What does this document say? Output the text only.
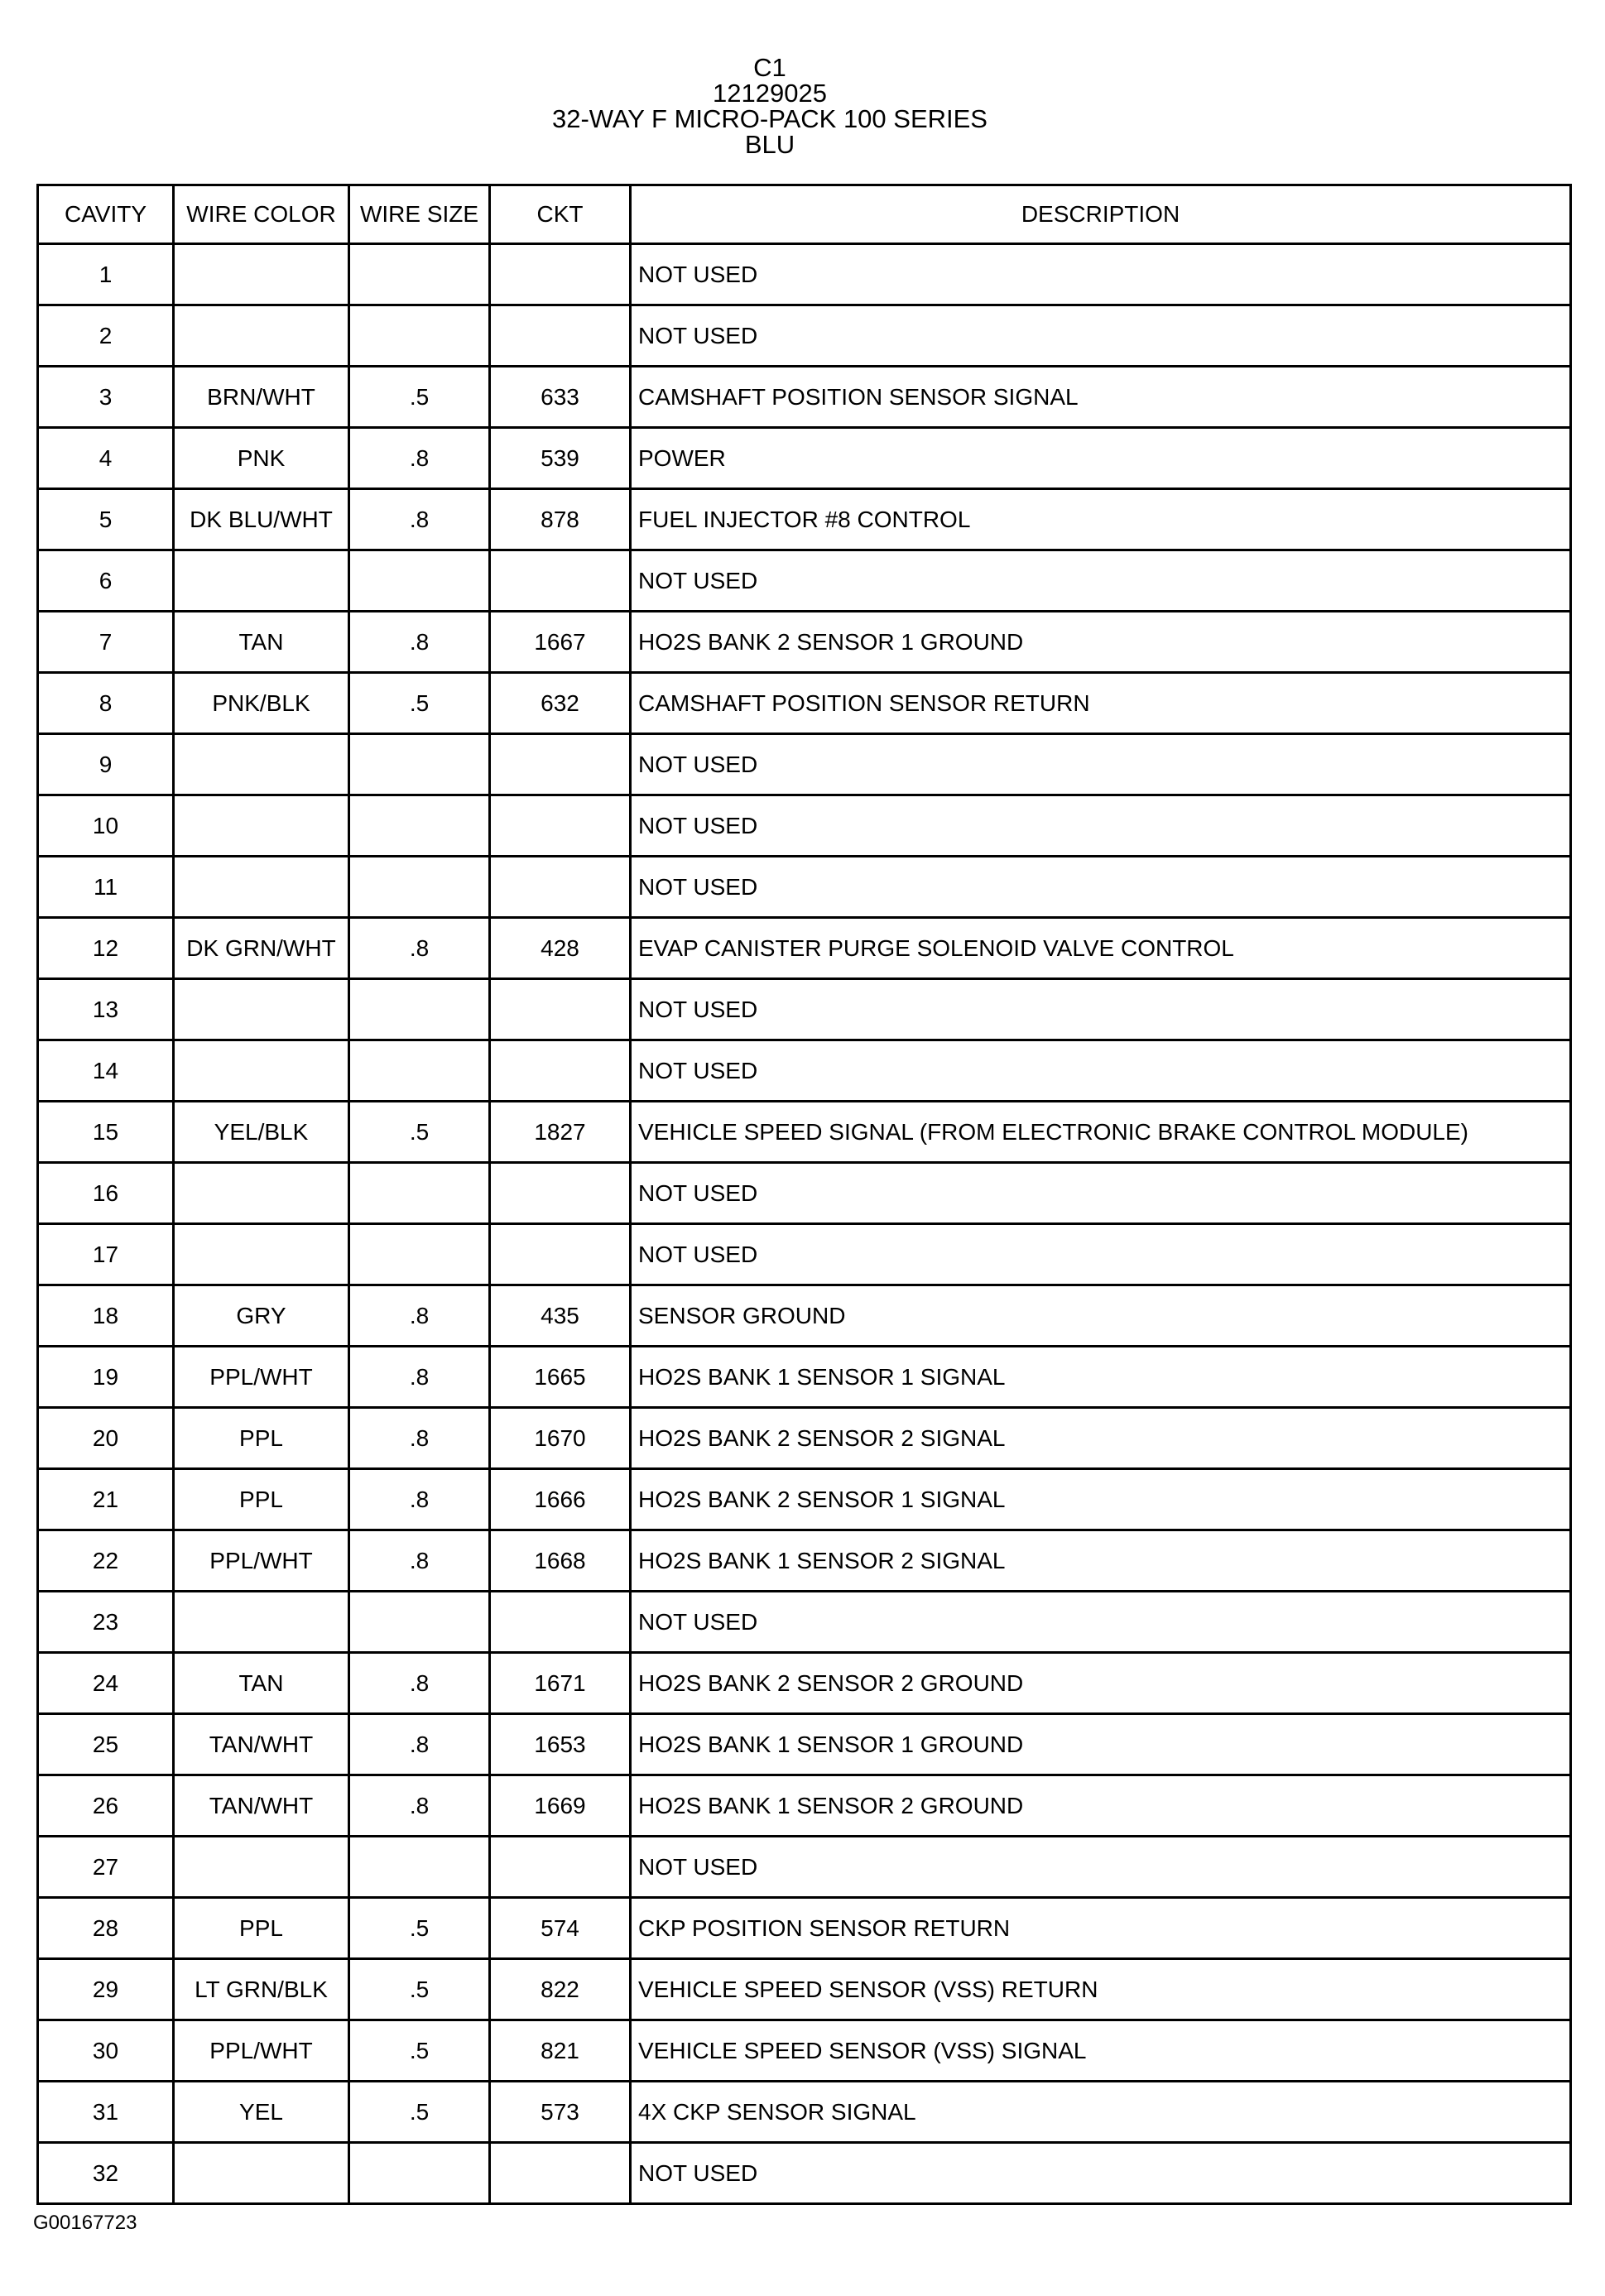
C1
12129025
32-WAY F MICRO-PACK 100 SERIES
BLU
CAVITY	WIRE COLOR	WIRE SIZE	CKT	DESCRIPTION
1				NOT USED
2				NOT USED
3	BRN/WHT	.5	633	CAMSHAFT POSITION SENSOR SIGNAL
4	PNK	.8	539	POWER
5	DK BLU/WHT	.8	878	FUEL INJECTOR #8 CONTROL
6				NOT USED
7	TAN	.8	1667	HO2S BANK 2 SENSOR 1 GROUND
8	PNK/BLK	.5	632	CAMSHAFT POSITION SENSOR RETURN
9				NOT USED
10				NOT USED
11				NOT USED
12	DK GRN/WHT	.8	428	EVAP CANISTER PURGE SOLENOID VALVE CONTROL
13				NOT USED
14				NOT USED
15	YEL/BLK	.5	1827	VEHICLE SPEED SIGNAL (FROM ELECTRONIC BRAKE CONTROL MODULE)
16				NOT USED
17				NOT USED
18	GRY	.8	435	SENSOR GROUND
19	PPL/WHT	.8	1665	HO2S BANK 1 SENSOR 1 SIGNAL
20	PPL	.8	1670	HO2S BANK 2 SENSOR 2 SIGNAL
21	PPL	.8	1666	HO2S BANK 2 SENSOR 1 SIGNAL
22	PPL/WHT	.8	1668	HO2S BANK 1 SENSOR 2 SIGNAL
23				NOT USED
24	TAN	.8	1671	HO2S BANK 2 SENSOR 2 GROUND
25	TAN/WHT	.8	1653	HO2S BANK 1 SENSOR 1 GROUND
26	TAN/WHT	.8	1669	HO2S BANK 1 SENSOR 2 GROUND
27				NOT USED
28	PPL	.5	574	CKP POSITION SENSOR RETURN
29	LT GRN/BLK	.5	822	VEHICLE SPEED SENSOR (VSS) RETURN
30	PPL/WHT	.5	821	VEHICLE SPEED SENSOR (VSS) SIGNAL
31	YEL	.5	573	4X CKP SENSOR SIGNAL
32				NOT USED
G00167723
